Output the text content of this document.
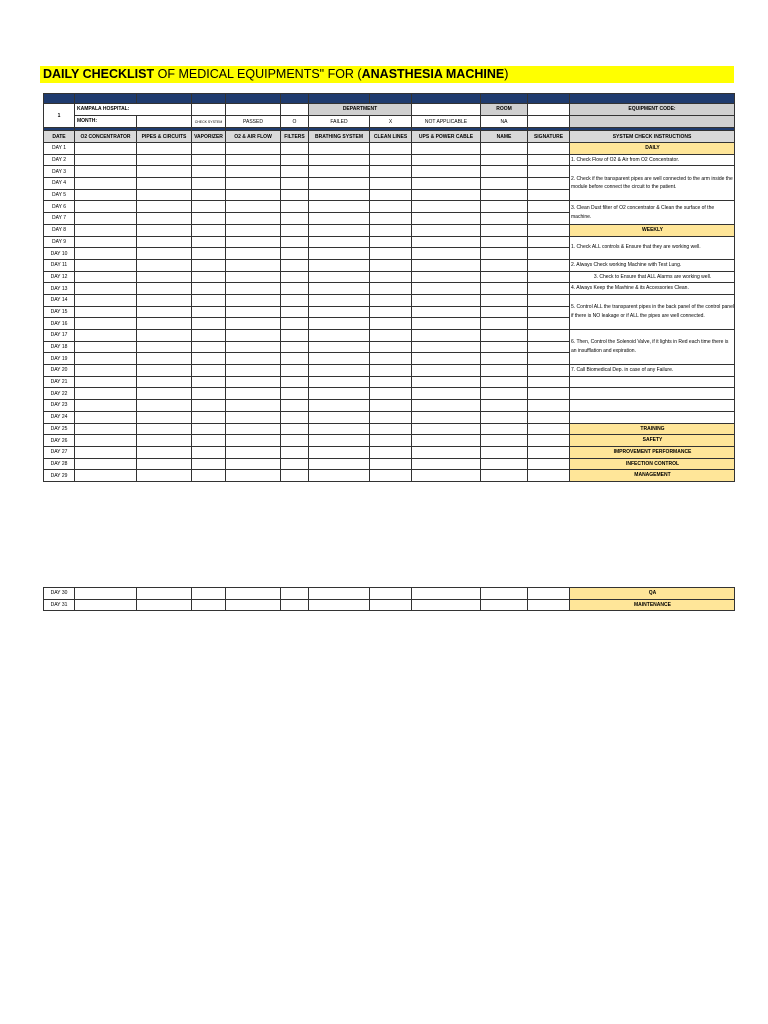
DAILY CHECKLIST OF MEDICAL EQUIPMENTS" FOR (ANASTHESIA MACHINE)

1	KAMPALA HOSPITAL:					DEPARTMENT			ROOM		EQUIPMENT CODE:
	MONTH:		CHECK SYSTEM	PASSED	O	FAILED	X	NOT APPLICABLE	NA		

DATE	O2 CONCENTRATOR	PIPES & CIRCUITS	VAPORIZER	O2 & AIR FLOW	FILTERS	BRATHING SYSTEM	CLEAN LINES	UPS & POWER CABLE	NAME	SIGNATURE	SYSTEM CHECK INSTRUCTIONS
DAY 1											DAILY
DAY 2											1. Check Flow of O2 & Air from O2 Concentrator.
DAY 3											2. Check if the transparent pipes are well connected to the arm inside the module before connect the circuit to the patient.
DAY 4											
DAY 5											
DAY 6											3. Clean Dust filter of O2 concentrator & Clean the surface of the machine.
DAY 7											
DAY 8											WEEKLY
DAY 9											1. Check ALL controls & Ensure that they are working well.
DAY 10											
DAY 11											2. Always Check working Machine with Test Lung.
DAY 12											3. Check to Ensure that ALL Alarms are working well.
DAY 13											4. Always Keep the Mavhine & its Accessories Clean.
DAY 14											5. Control ALL the transparent pipes in the back panel of the control panel if there is NO leakage or if ALL the pipes are well connected.
DAY 15											
DAY 16											
DAY 17											6. Then, Control the Solenoid Valve, if it lights in Red each time there is an insufflation and expiration.
DAY 18											
DAY 19											
DAY 20											7. Call Biomedical Dep. in case of any Failure.
DAY 21											
DAY 22											
DAY 23											
DAY 24											
DAY 25											TRAINING
DAY 26											SAFETY
DAY 27											IMPROVEMENT PERFORMANCE
DAY 28											INFECTION CONTROL
DAY 29											MANAGEMENT
DAY 30											QA
DAY 31											MAINTENANCE
